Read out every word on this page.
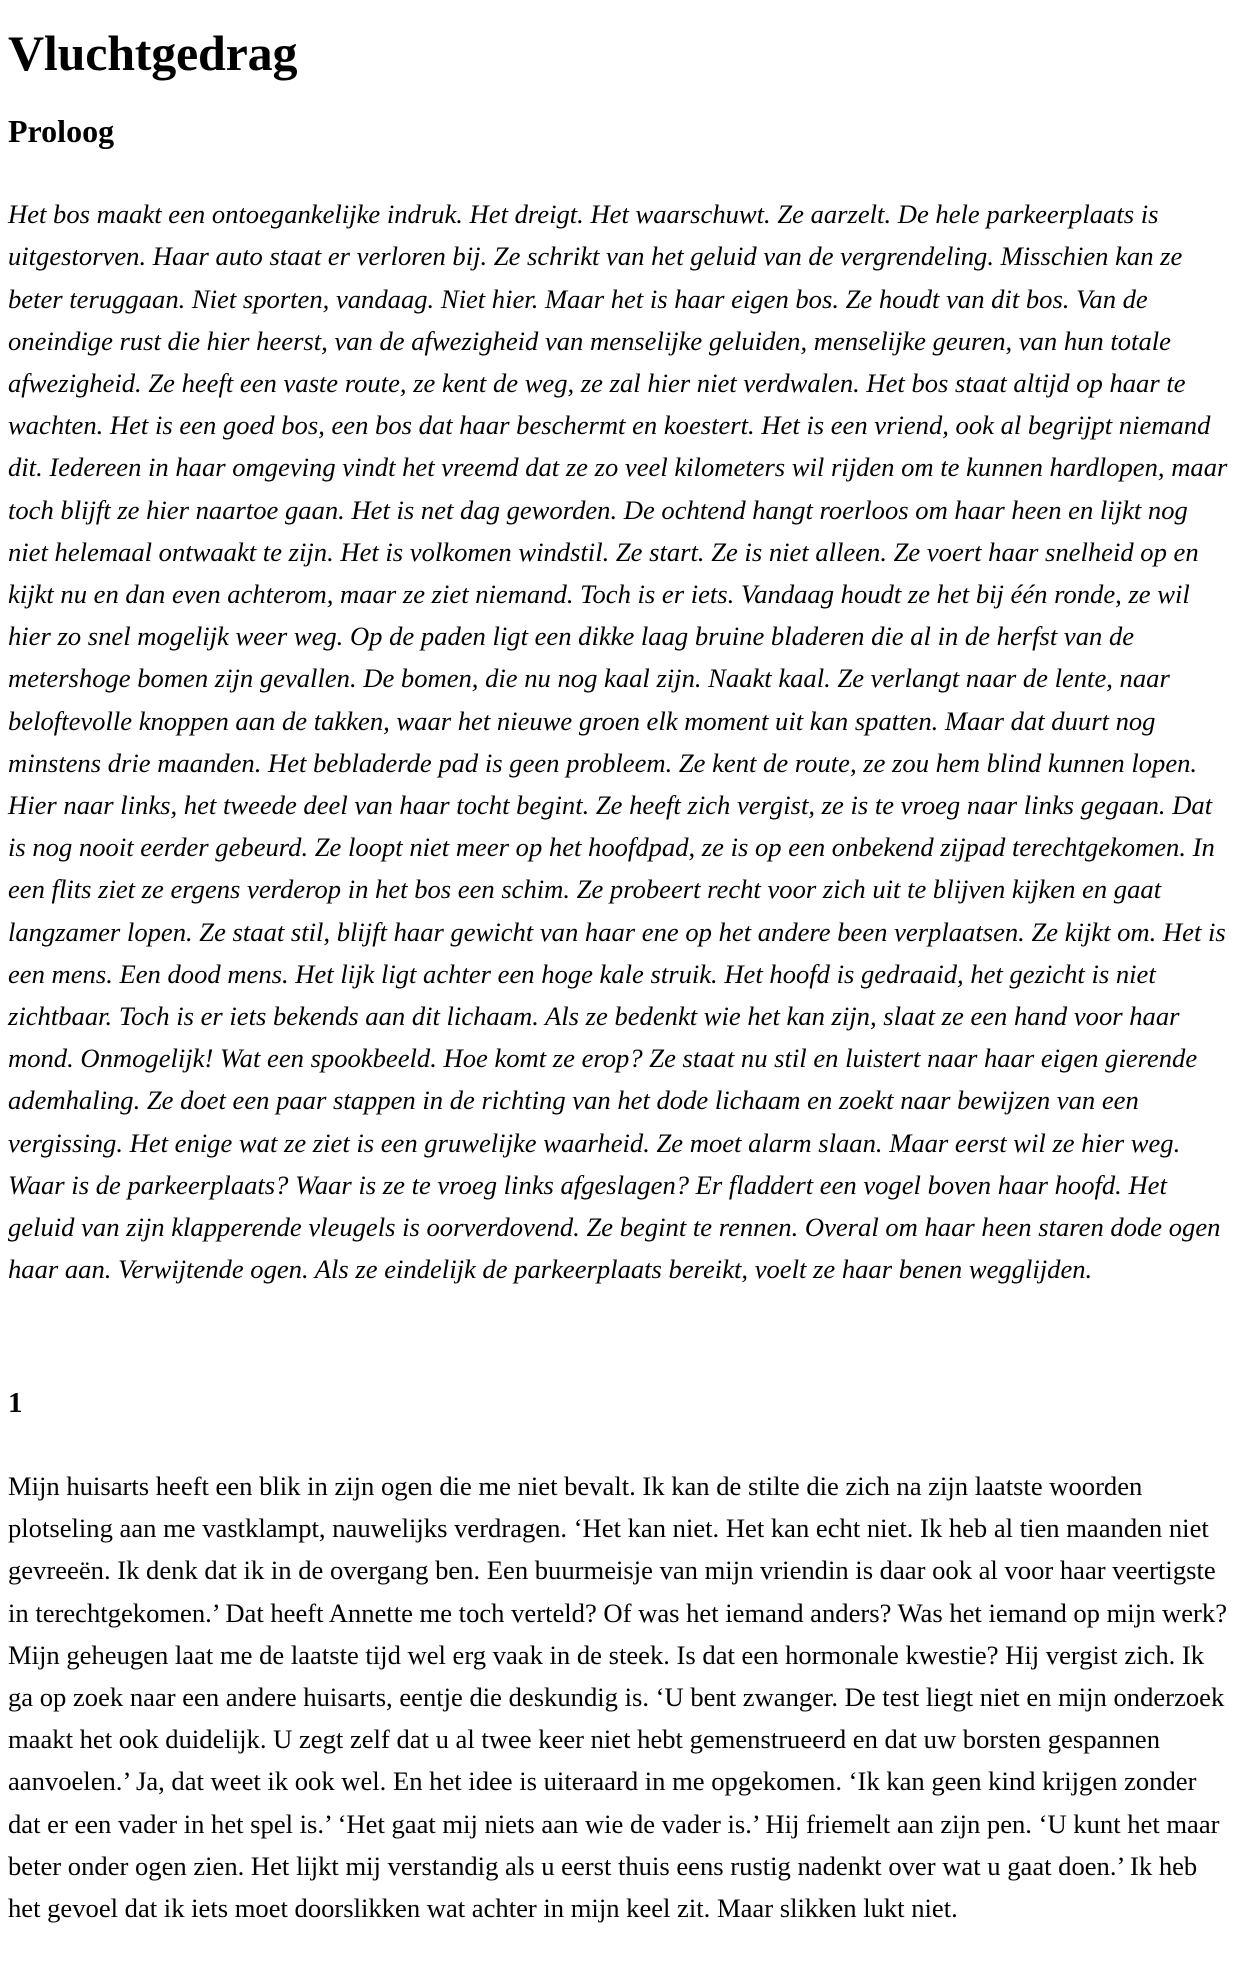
Vluchtgedrag
Proloog

Het bos maakt een ontoegankelijke indruk. Het dreigt. Het waarschuwt. Ze aarzelt. De hele parkeerplaats is uitgestorven. Haar auto staat er verloren bij. Ze schrikt van het geluid van de vergrendeling. Misschien kan ze beter teruggaan. Niet sporten, vandaag. Niet hier. Maar het is haar eigen bos. Ze houdt van dit bos. Van de oneindige rust die hier heerst, van de afwezigheid van menselijke geluiden, menselijke geuren, van hun totale afwezigheid. Ze heeft een vaste route, ze kent de weg, ze zal hier niet verdwalen. Het bos staat altijd op haar te wachten. Het is een goed bos, een bos dat haar beschermt en koestert. Het is een vriend, ook al begrijpt niemand dit. Iedereen in haar omgeving vindt het vreemd dat ze zo veel kilometers wil rijden om te kunnen hardlopen, maar toch blijft ze hier naartoe gaan. Het is net dag geworden. De ochtend hangt roerloos om haar heen en lijkt nog niet helemaal ontwaakt te zijn. Het is volkomen windstil. Ze start. Ze is niet alleen. Ze voert haar snelheid op en kijkt nu en dan even achterom, maar ze ziet niemand. Toch is er iets. Vandaag houdt ze het bij één ronde, ze wil hier zo snel mogelijk weer weg. Op de paden ligt een dikke laag bruine bladeren die al in de herfst van de metershoge bomen zijn gevallen. De bomen, die nu nog kaal zijn. Naakt kaal. Ze verlangt naar de lente, naar beloftevolle knoppen aan de takken, waar het nieuwe groen elk moment uit kan spatten. Maar dat duurt nog minstens drie maanden. Het bebladerde pad is geen probleem. Ze kent de route, ze zou hem blind kunnen lopen. Hier naar links, het tweede deel van haar tocht begint. Ze heeft zich vergist, ze is te vroeg naar links gegaan. Dat is nog nooit eerder gebeurd. Ze loopt niet meer op het hoofdpad, ze is op een onbekend zijpad terechtgekomen. In een flits ziet ze ergens verderop in het bos een schim. Ze probeert recht voor zich uit te blijven kijken en gaat langzamer lopen. Ze staat stil, blijft haar gewicht van haar ene op het andere been verplaatsen. Ze kijkt om. Het is een mens. Een dood mens. Het lijk ligt achter een hoge kale struik. Het hoofd is gedraaid, het gezicht is niet zichtbaar. Toch is er iets bekends aan dit lichaam. Als ze bedenkt wie het kan zijn, slaat ze een hand voor haar mond. Onmogelijk! Wat een spookbeeld. Hoe komt ze erop? Ze staat nu stil en luistert naar haar eigen gierende ademhaling. Ze doet een paar stappen in de richting van het dode lichaam en zoekt naar bewijzen van een vergissing. Het enige wat ze ziet is een gruwelijke waarheid. Ze moet alarm slaan. Maar eerst wil ze hier weg. Waar is de parkeerplaats? Waar is ze te vroeg links afgeslagen? Er fladdert een vogel boven haar hoofd. Het geluid van zijn klapperende vleugels is oorverdovend. Ze begint te rennen. Overal om haar heen staren dode ogen haar aan. Verwijtende ogen. Als ze eindelijk de parkeerplaats bereikt, voelt ze haar benen wegglijden.

1

Mijn huisarts heeft een blik in zijn ogen die me niet bevalt. Ik kan de stilte die zich na zijn laatste woorden plotseling aan me vastklampt, nauwelijks verdragen. ‘Het kan niet. Het kan echt niet. Ik heb al tien maanden niet gevreeën. Ik denk dat ik in de overgang ben. Een buurmeisje van mijn vriendin is daar ook al voor haar veertigste in terechtgekomen.’ Dat heeft Annette me toch verteld? Of was het iemand anders? Was het iemand op mijn werk? Mijn geheugen laat me de laatste tijd wel erg vaak in de steek. Is dat een hormonale kwestie? Hij vergist zich. Ik ga op zoek naar een andere huisarts, eentje die deskundig is. ‘U bent zwanger. De test liegt niet en mijn onderzoek maakt het ook duidelijk. U zegt zelf dat u al twee keer niet hebt gemenstrueerd en dat uw borsten gespannen aanvoelen.’ Ja, dat weet ik ook wel. En het idee is uiteraard in me opgekomen. ‘Ik kan geen kind krijgen zonder dat er een vader in het spel is.’ ‘Het gaat mij niets aan wie de vader is.’ Hij friemelt aan zijn pen. ‘U kunt het maar beter onder ogen zien. Het lijkt mij verstandig als u eerst thuis eens rustig nadenkt over wat u gaat doen.’ Ik heb het gevoel dat ik iets moet doorslikken wat achter in mijn keel zit. Maar slikken lukt niet.
